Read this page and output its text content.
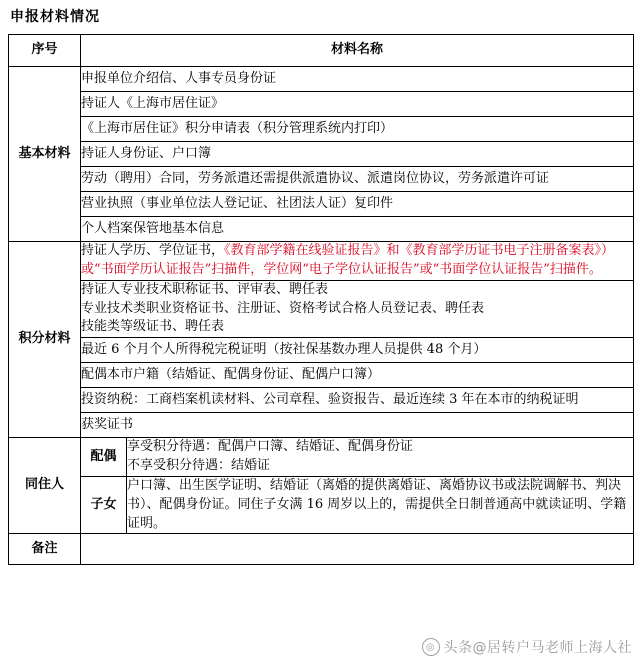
申报材料情况
序号	材料名称	
基本材料	申报单位介绍信、人事专员身份证	
	持证人《上海市居住证》	
	《上海市居住证》积分申请表（积分管理系统内打印）	
	持证人身份证、户口簿	
	劳动（聘用）合同，劳务派遣还需提供派遣协议、派遣岗位协议，劳务派遣许可证	
	营业执照（事业单位法人登记证、社团法人证）复印件	
	个人档案保管地基本信息	
积分材料	持证人学历、学位证书，《教育部学籍在线验证报告》和《教育部学历证书电子注册备案表》）或“书面学历认证报告”扫描件，学位网“电子学位认证报告”或“书面学位认证报告”扫描件。	

	持证人专业技术职称证书、评审表、聘任表
专业技术类职业资格证书、注册证、资格考试合格人员登记表、聘任表
技能类等级证书、聘任表	

	最近 6 个月个人所得税完税证明（按社保基数办理人员提供 48 个月）	
	配偶本市户籍（结婚证、配偶身份证、配偶户口簿）	
	投资纳税：工商档案机读材料、公司章程、验资报告、最近连续 3 年在本市的纳税证明	
	获奖证书	
同住人	配偶	享受积分待遇：配偶户口簿、结婚证、配偶身份证
不享受积分待遇：结婚证

	子女	户口簿、出生医学证明、结婚证（离婚的提供离婚证、离婚协议书或法院调解书、判决书）、配偶身份证。同住子女满 16 周岁以上的，需提供全日制普通高中就读证明、学籍证明。
备注		
◎ 头条@居转户马老师上海人社
